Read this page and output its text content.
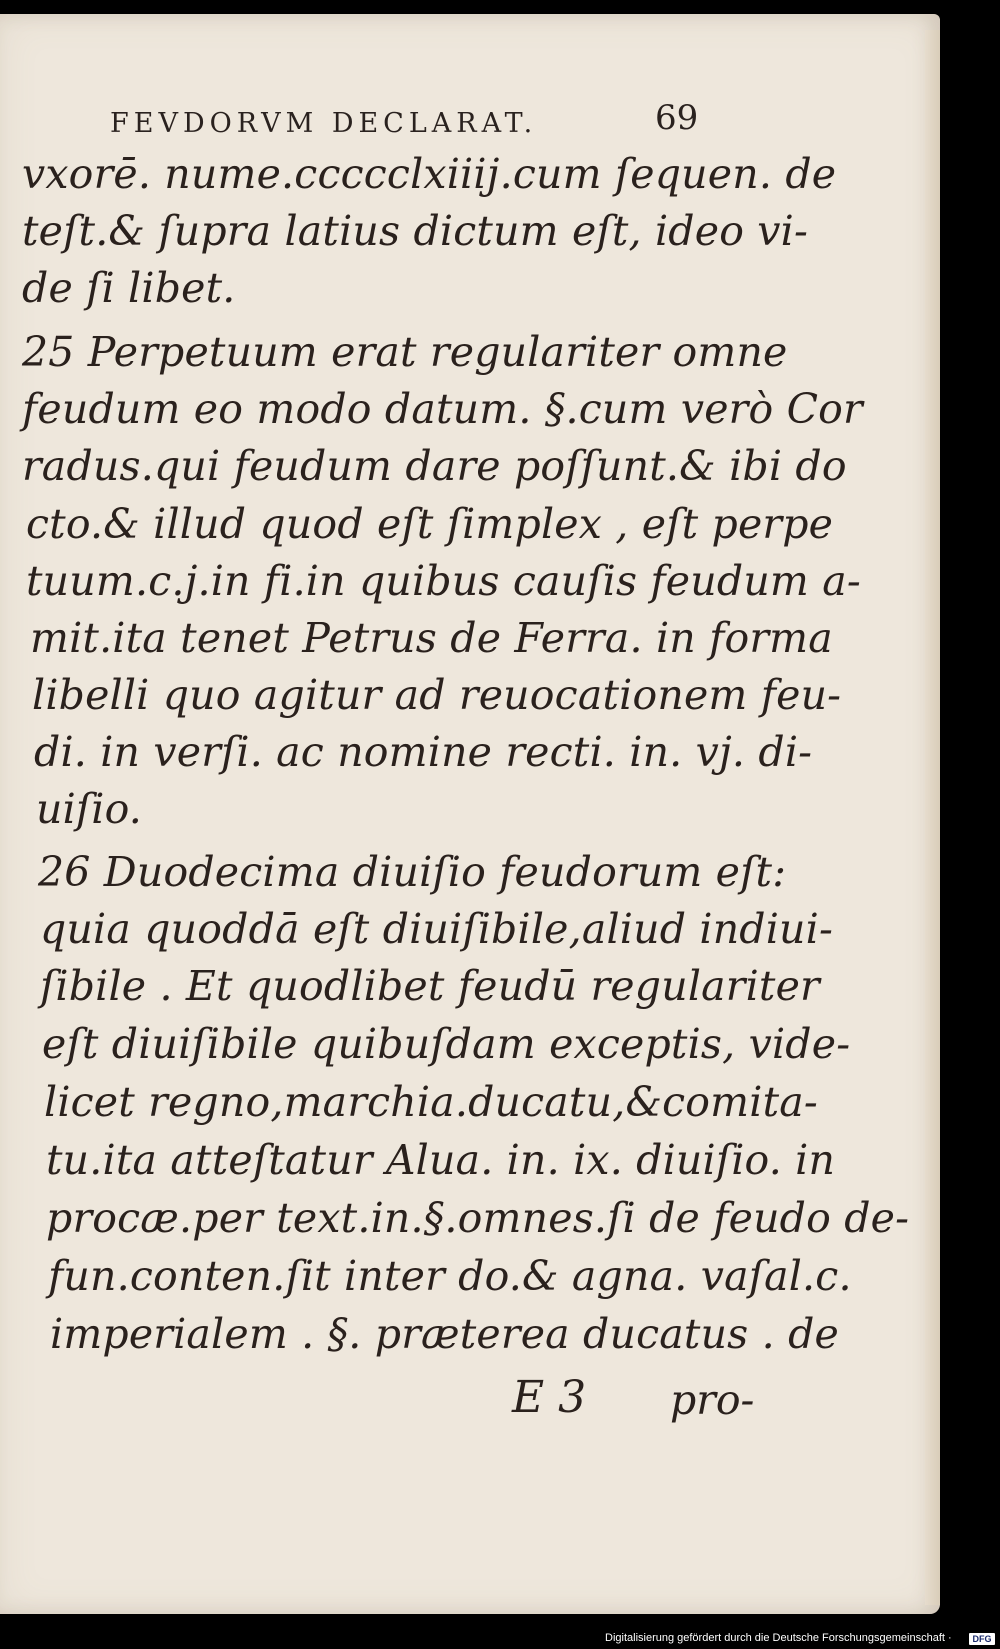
FEVDORVM DECLARAT.	69
vxorē. nume.ccccclxiiij.cum ſequen. de
teſt.& ſupra latius dictum eſt, ideo vi-
de ſi libet.
25 Perpetuum erat regulariter omne
feudum eo modo datum. §.cum verò Cor
radus.qui feudum dare poſſunt.& ibi do
cto.& illud quod eſt ſimplex , eſt perpe
tuum.c.j.in fi.in quibus cauſis feudum a-
mit.ita tenet Petrus de Ferra. in forma
libelli quo agitur ad reuocationem feu-
di. in verſi. ac nomine recti. in. vj. di-
uiſio.
26 Duodecima diuiſio feudorum eſt:
quia quoddā eſt diuiſibile,aliud indiui-
ſibile . Et quodlibet feudū regulariter
eſt diuiſibile quibuſdam exceptis, vide-
licet regno,marchia.ducatu,&comita-
tu.ita atteſtatur Alua. in. ix. diuiſio. in
procæ.per text.in.§.omnes.ſi de feudo de-
fun.conten.ſit inter do.& agna. vaſal.c.
imperialem . §. præterea ducatus . de
E 3 pro-
Digitalisierung gefördert durch die Deutsche Forschungsgemeinschaft ·	DFG
